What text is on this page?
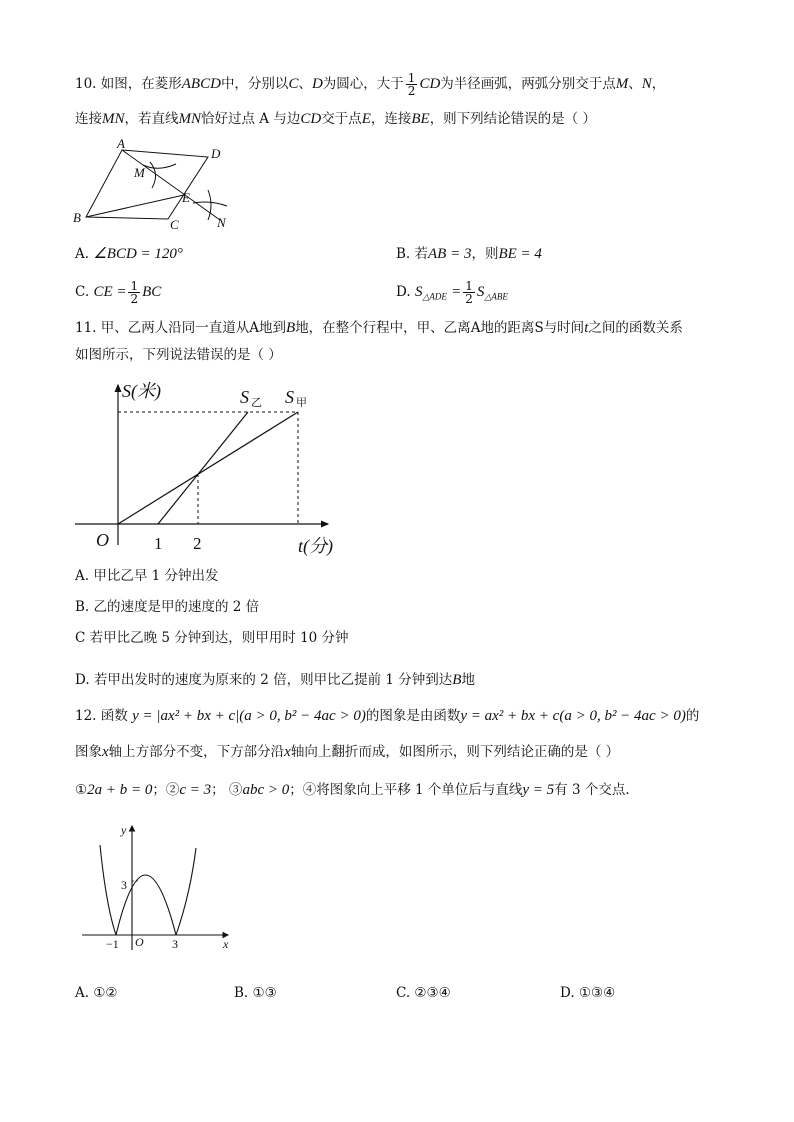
10. 如图，在菱形ABCD中，分别以C、D为圆心，大于 $\frac{1}{2}$ CD为半径画弧，两弧分别交于点M、N，
连接MN，若直线MN恰好过点 A 与边CD交于点E，连接BE，则下列结论错误的是（ ）
A
D
B	C
M
E
N
A. ∠BCD = 120°	B. 若AB = 3，则BE = 4
C. CE = $\frac{1}{2}$ BC	D. $S_{\triangle ADE} = \frac{1}{2} S_{\triangle ABE}$
11. 甲、乙两人沿同一直道从A地到B地，在整个行程中，甲、乙离A地的距离S与时间t之间的函数关系
如图所示，下列说法错误的是（ ）
S(米)
t(分)
O	1 2
S 乙 S 甲
A. 甲比乙早 1 分钟出发
B. 乙的速度是甲的速度的 2 倍
C 若甲比乙晚 5 分钟到达，则甲用时 10 分钟
D. 若甲出发时的速度为原来的 2 倍，则甲比乙提前 1 分钟到达B地
12. 函数 y = |ax² + bx + c|(a > 0, b² − 4ac > 0)的图象是由函数y = ax² + bx + c(a > 0, b² − 4ac > 0)的
图象x轴上方部分不变，下方部分沿x轴向上翻折而成，如图所示，则下列结论正确的是（ ）
①2a + b = 0；②c = 3； ③abc > 0；④将图象向上平移 1 个单位后与直线y = 5有 3 个交点.
y
x
O
3
−1	3
A. ①②	B. ①③	C. ②③④	D. ①③④
